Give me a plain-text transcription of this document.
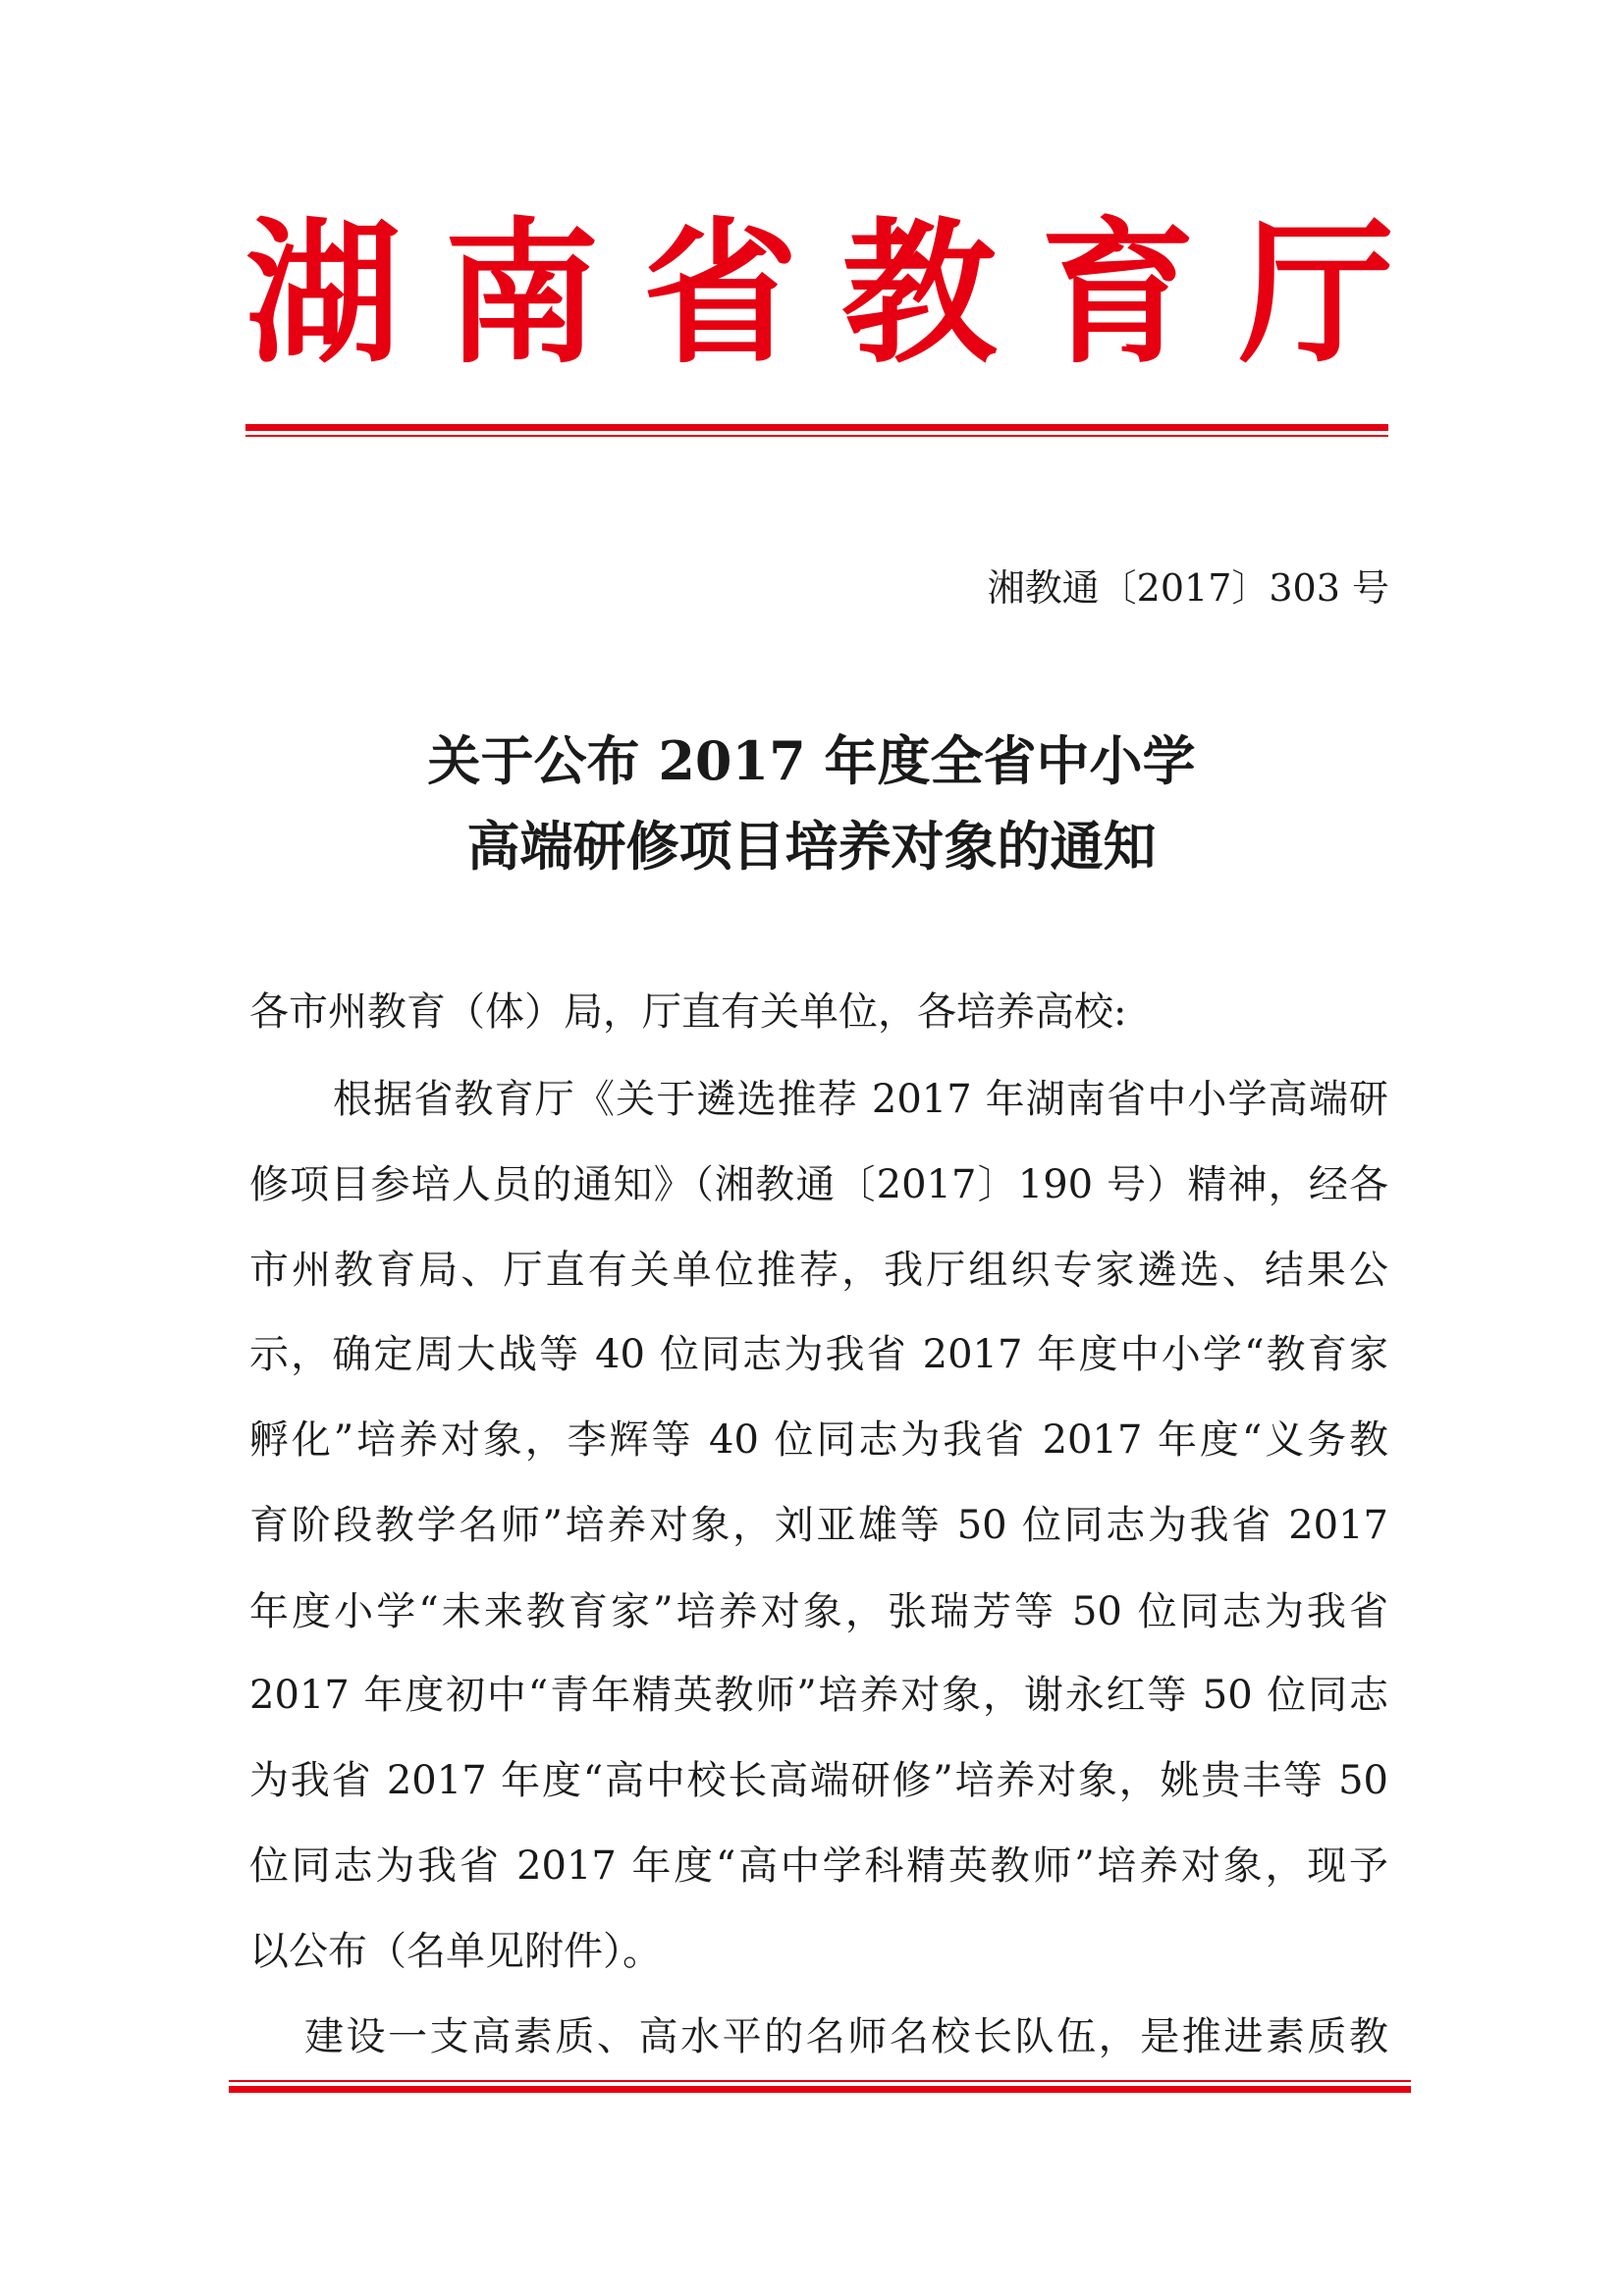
湖 南 省 教 育 厅
湘教通〔2017〕303 号
关于公布 2017 年度全省中小学
高端研修项目培养对象的通知
各市州教育（体）局，厅直有关单位，各培养高校:
根据省教育厅《关于遴选推荐 2017 年湖南省中小学高端研
修项目参培人员的通知》（湘教通〔2017〕190 号）精神，经各
市州教育局、厅直有关单位推荐，我厅组织专家遴选、结果公
示，确定周大战等 40 位同志为我省 2017 年度中小学“教育家
孵化”培养对象，李辉等 40 位同志为我省 2017 年度“义务教
育阶段教学名师”培养对象，刘亚雄等 50 位同志为我省 2017
年度小学“未来教育家”培养对象，张瑞芳等 50 位同志为我省
2017 年度初中“青年精英教师”培养对象，谢永红等 50 位同志
为我省 2017 年度“高中校长高端研修”培养对象，姚贵丰等 50
位同志为我省 2017 年度“高中学科精英教师”培养对象，现予
以公布（名单见附件）。
建设一支高素质、高水平的名师名校长队伍，是推进素质教
